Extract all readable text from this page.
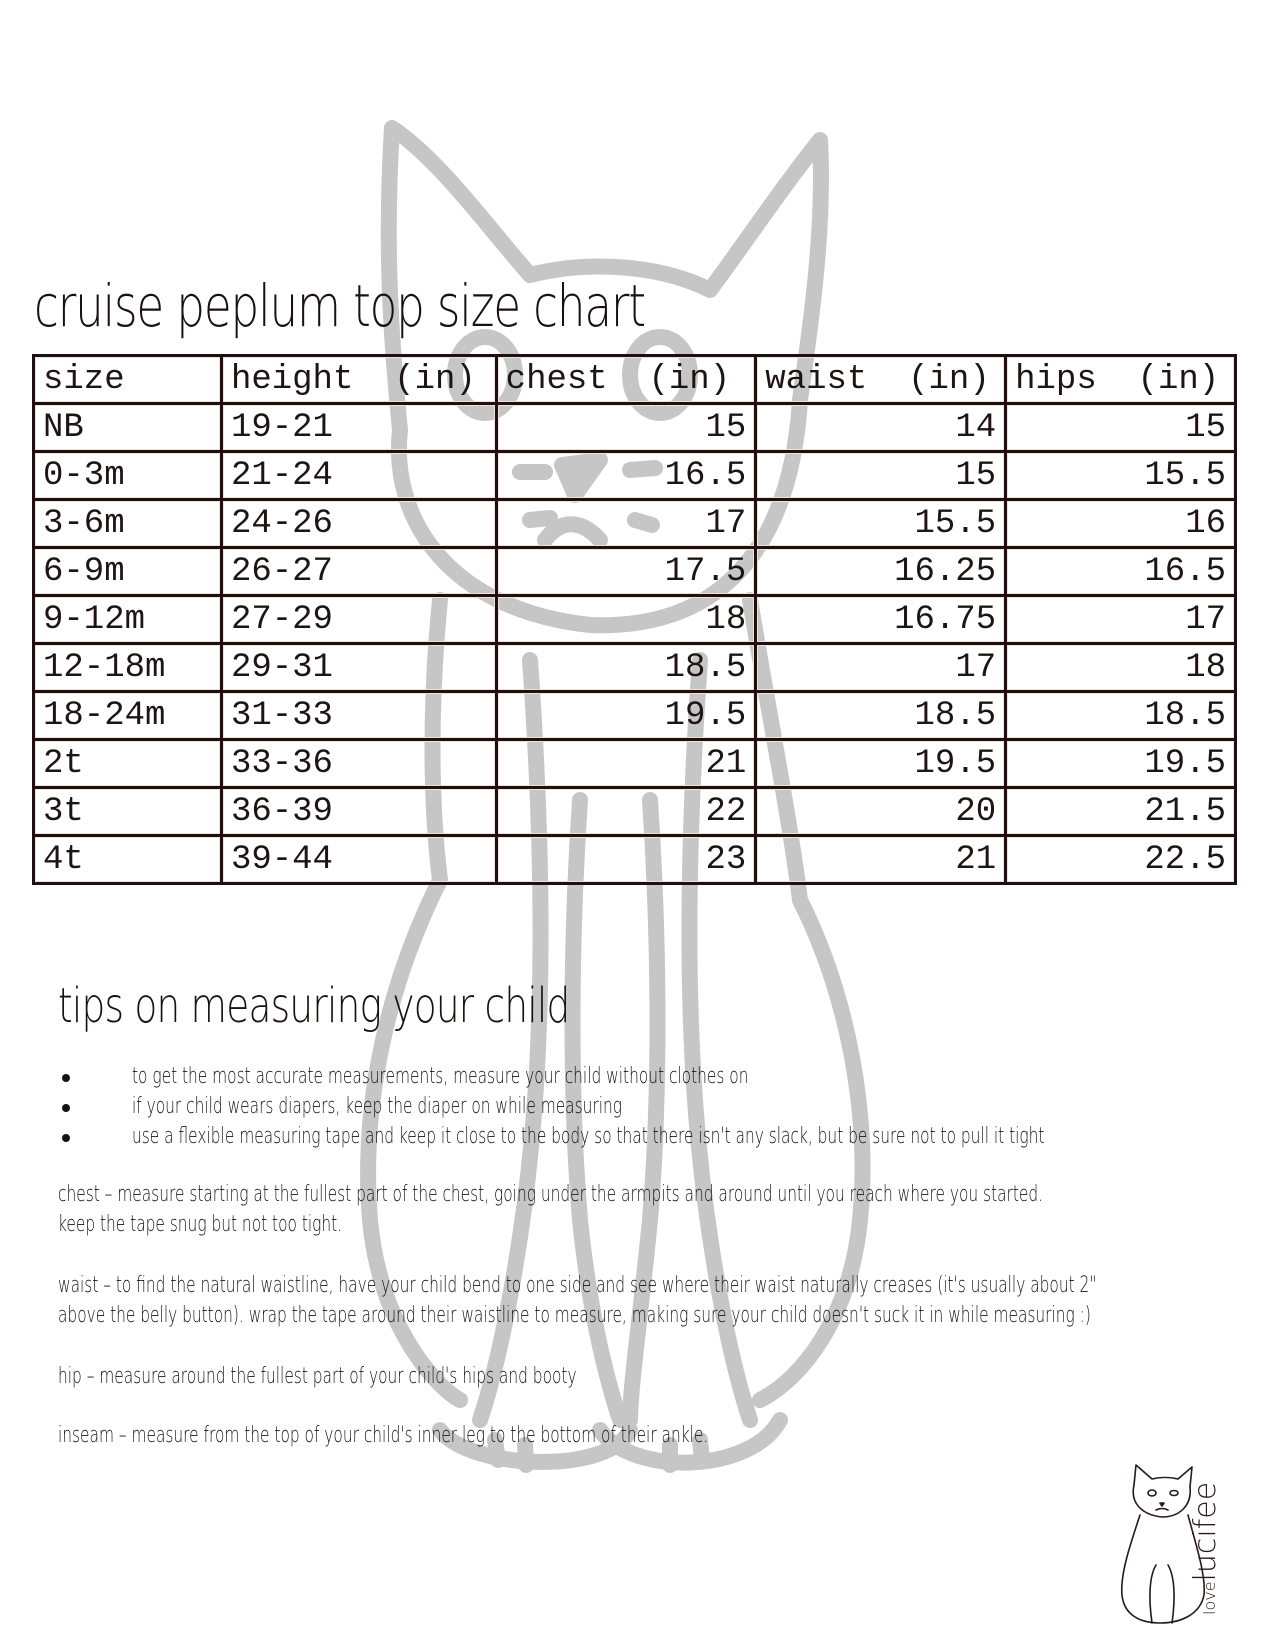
cruise peplum top size chart
size	height  (in)	chest  (in)	waist  (in)	hips  (in)
NB	19-21	15	14	15
0-3m	21-24	16.5	15	15.5
3-6m	24-26	17	15.5	16
6-9m	26-27	17.5	16.25	16.5
9-12m	27-29	18	16.75	17
12-18m	29-31	18.5	17	18
18-24m	31-33	19.5	18.5	18.5
2t	33-36	21	19.5	19.5
3t	36-39	22	20	21.5
4t	39-44	23	21	22.5
tips on measuring your child
to get the most accurate measurements, measure your child without clothes on
if your child wears diapers, keep the diaper on while measuring
use a flexible measuring tape and keep it close to the body so that there isn't any slack, but be sure not to pull it tight
chest – measure starting at the fullest part of the chest, going under the armpits and around until you reach where you started.
keep the tape snug but not too tight.
waist – to find the natural waistline, have your child bend to one side and see where their waist naturally creases (it's usually about 2"
above the belly button). wrap the tape around their waistline to measure, making sure your child doesn't suck it in while measuring :)
hip – measure around the fullest part of your child's hips and booty
inseam – measure from the top of your child's inner leg to the bottom of their ankle.
lovelucifee
